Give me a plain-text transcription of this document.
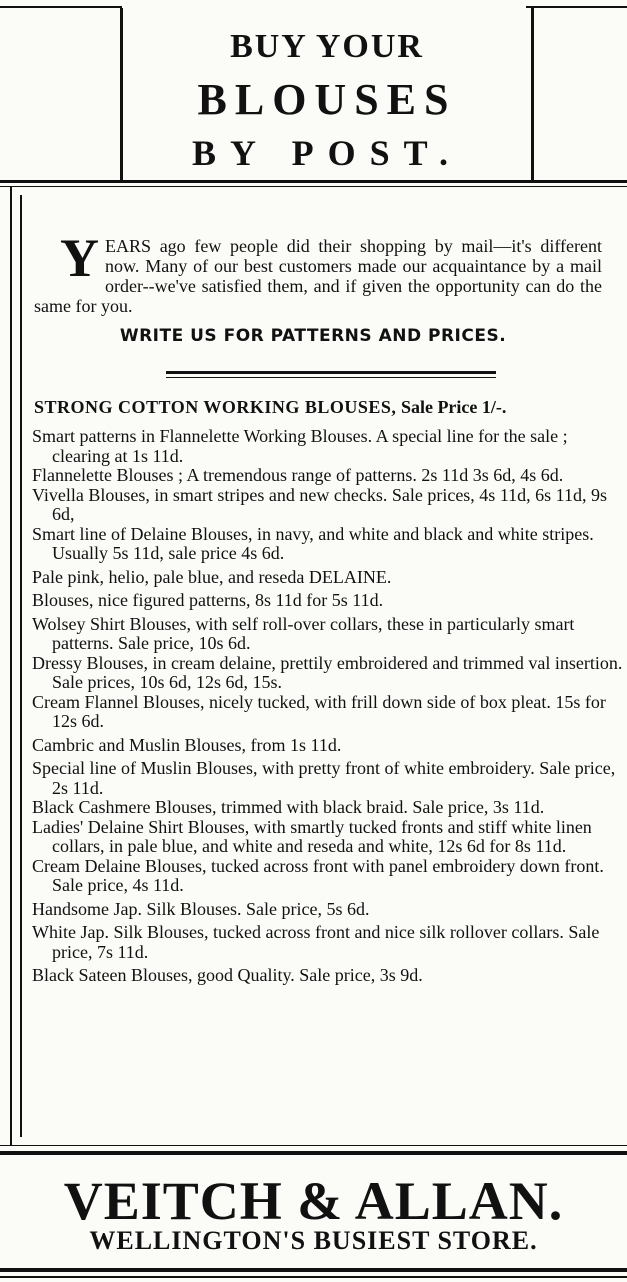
BUY YOUR
BLOUSES
BY POST.
YEARS ago few people did their shopping by mail—it's different now. Many of our best customers made our acquaintance by a mail order--we've satisfied them, and if given the opportunity can do the same for you.
WRITE US FOR PATTERNS AND PRICES.
STRONG COTTON WORKING BLOUSES, Sale Price 1/-.
Smart patterns in Flannelette Working Blouses. A special line for the sale ; clearing at 1s 11d.
Flannelette Blouses ; A tremendous range of patterns. 2s 11d 3s 6d, 4s 6d.
Vivella Blouses, in smart stripes and new checks. Sale prices, 4s 11d, 6s 11d, 9s 6d,
Smart line of Delaine Blouses, in navy, and white and black and white stripes. Usually 5s 11d, sale price 4s 6d.
Pale pink, helio, pale blue, and reseda DELAINE.
Blouses, nice figured patterns, 8s 11d for 5s 11d.
Wolsey Shirt Blouses, with self roll-over collars, these in particularly smart patterns. Sale price, 10s 6d.
Dressy Blouses, in cream delaine, prettily embroidered and trimmed val insertion. Sale prices, 10s 6d, 12s 6d, 15s.
Cream Flannel Blouses, nicely tucked, with frill down side of box pleat. 15s for 12s 6d.
Cambric and Muslin Blouses, from 1s 11d.
Special line of Muslin Blouses, with pretty front of white embroidery. Sale price, 2s 11d.
Black Cashmere Blouses, trimmed with black braid. Sale price, 3s 11d.
Ladies' Delaine Shirt Blouses, with smartly tucked fronts and stiff white linen collars, in pale blue, and white and reseda and white, 12s 6d for 8s 11d.
Cream Delaine Blouses, tucked across front with panel embroidery down front. Sale price, 4s 11d.
Handsome Jap. Silk Blouses. Sale price, 5s 6d.
White Jap. Silk Blouses, tucked across front and nice silk rollover collars. Sale price, 7s 11d.
Black Sateen Blouses, good Quality. Sale price, 3s 9d.
VEITCH & ALLAN.
WELLINGTON'S BUSIEST STORE.
